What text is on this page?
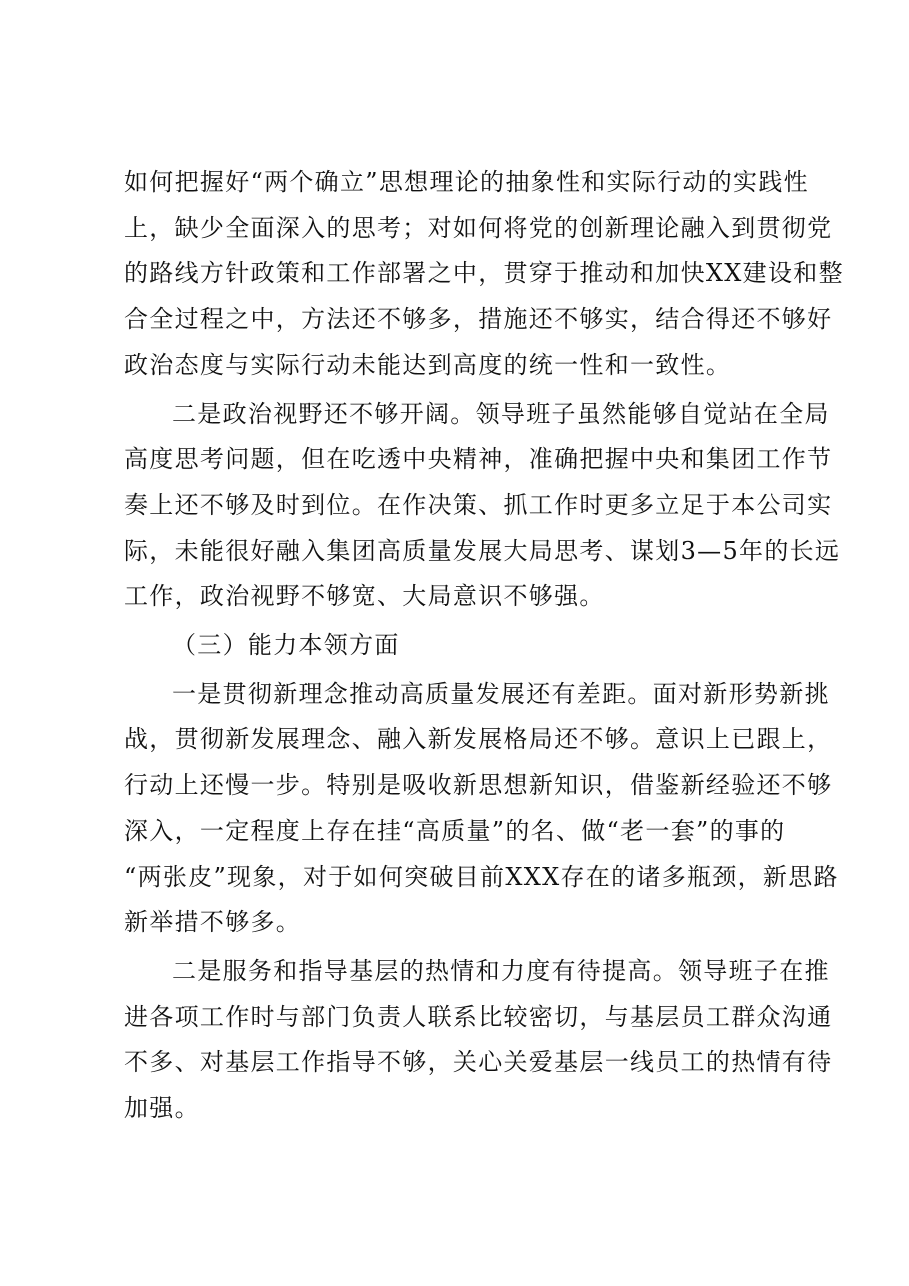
如何把握好“两个确立”思想理论的抽象性和实际行动的实践性
上，缺少全面深入的思考；对如何将党的创新理论融入到贯彻党
的路线方针政策和工作部署之中，贯穿于推动和加快XX建设和整
合全过程之中，方法还不够多，措施还不够实，结合得还不够好
政治态度与实际行动未能达到高度的统一性和一致性。
二是政治视野还不够开阔。领导班子虽然能够自觉站在全局
高度思考问题，但在吃透中央精神，准确把握中央和集团工作节
奏上还不够及时到位。在作决策、抓工作时更多立足于本公司实
际，未能很好融入集团高质量发展大局思考、谋划3—5年的长远
工作，政治视野不够宽、大局意识不够强。
（三）能力本领方面
一是贯彻新理念推动高质量发展还有差距。面对新形势新挑
战，贯彻新发展理念、融入新发展格局还不够。意识上已跟上，
行动上还慢一步。特别是吸收新思想新知识，借鉴新经验还不够
深入，一定程度上存在挂“高质量”的名、做“老一套”的事的
“两张皮”现象，对于如何突破目前XXX存在的诸多瓶颈，新思路
新举措不够多。
二是服务和指导基层的热情和力度有待提高。领导班子在推
进各项工作时与部门负责人联系比较密切，与基层员工群众沟通
不多、对基层工作指导不够，关心关爱基层一线员工的热情有待
加强。
